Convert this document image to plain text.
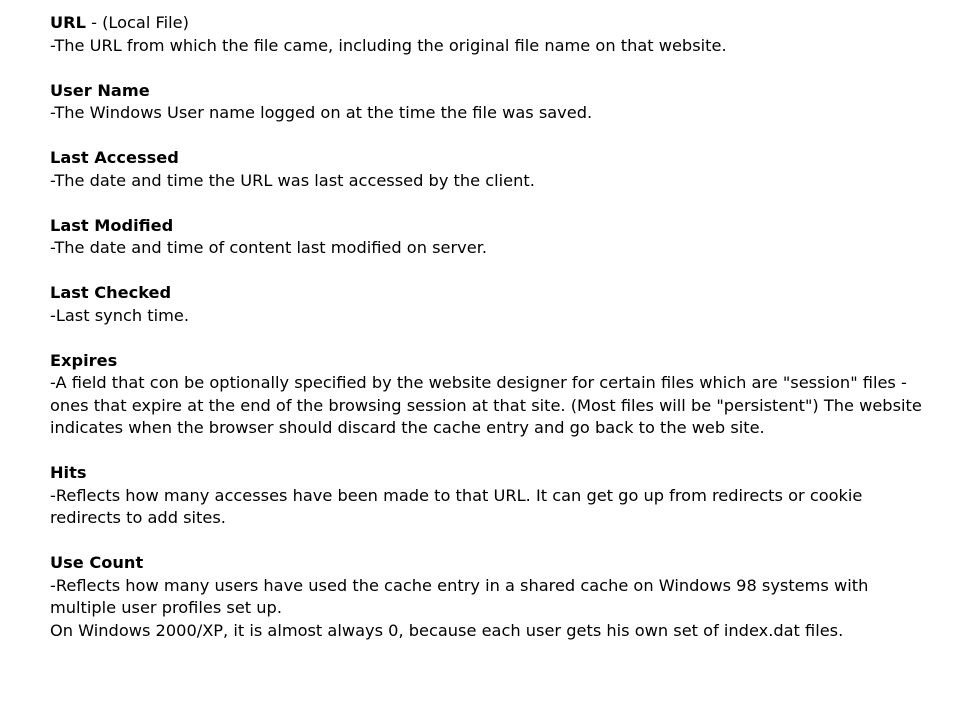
URL - (Local File)

-The URL from which the file came, including the original file name on that website.

User Name

-The Windows User name logged on at the time the file was saved.

Last Accessed

-The date and time the URL was last accessed by the client.

Last Modified

-The date and time of content last modified on server.

Last Checked

-Last synch time.

Expires

-A field that con be optionally specified by the website designer for certain files which are "session" files - ones that expire at the end of the browsing session at that site. (Most files will be "persistent") The website indicates when the browser should discard the cache entry and go back to the web site.

Hits

-Reflects how many accesses have been made to that URL. It can get go up from redirects or cookie redirects to add sites.

Use Count

-Reflects how many users have used the cache entry in a shared cache on Windows 98 systems with multiple user profiles set up.

On Windows 2000/XP, it is almost always 0, because each user gets his own set of index.dat files.
